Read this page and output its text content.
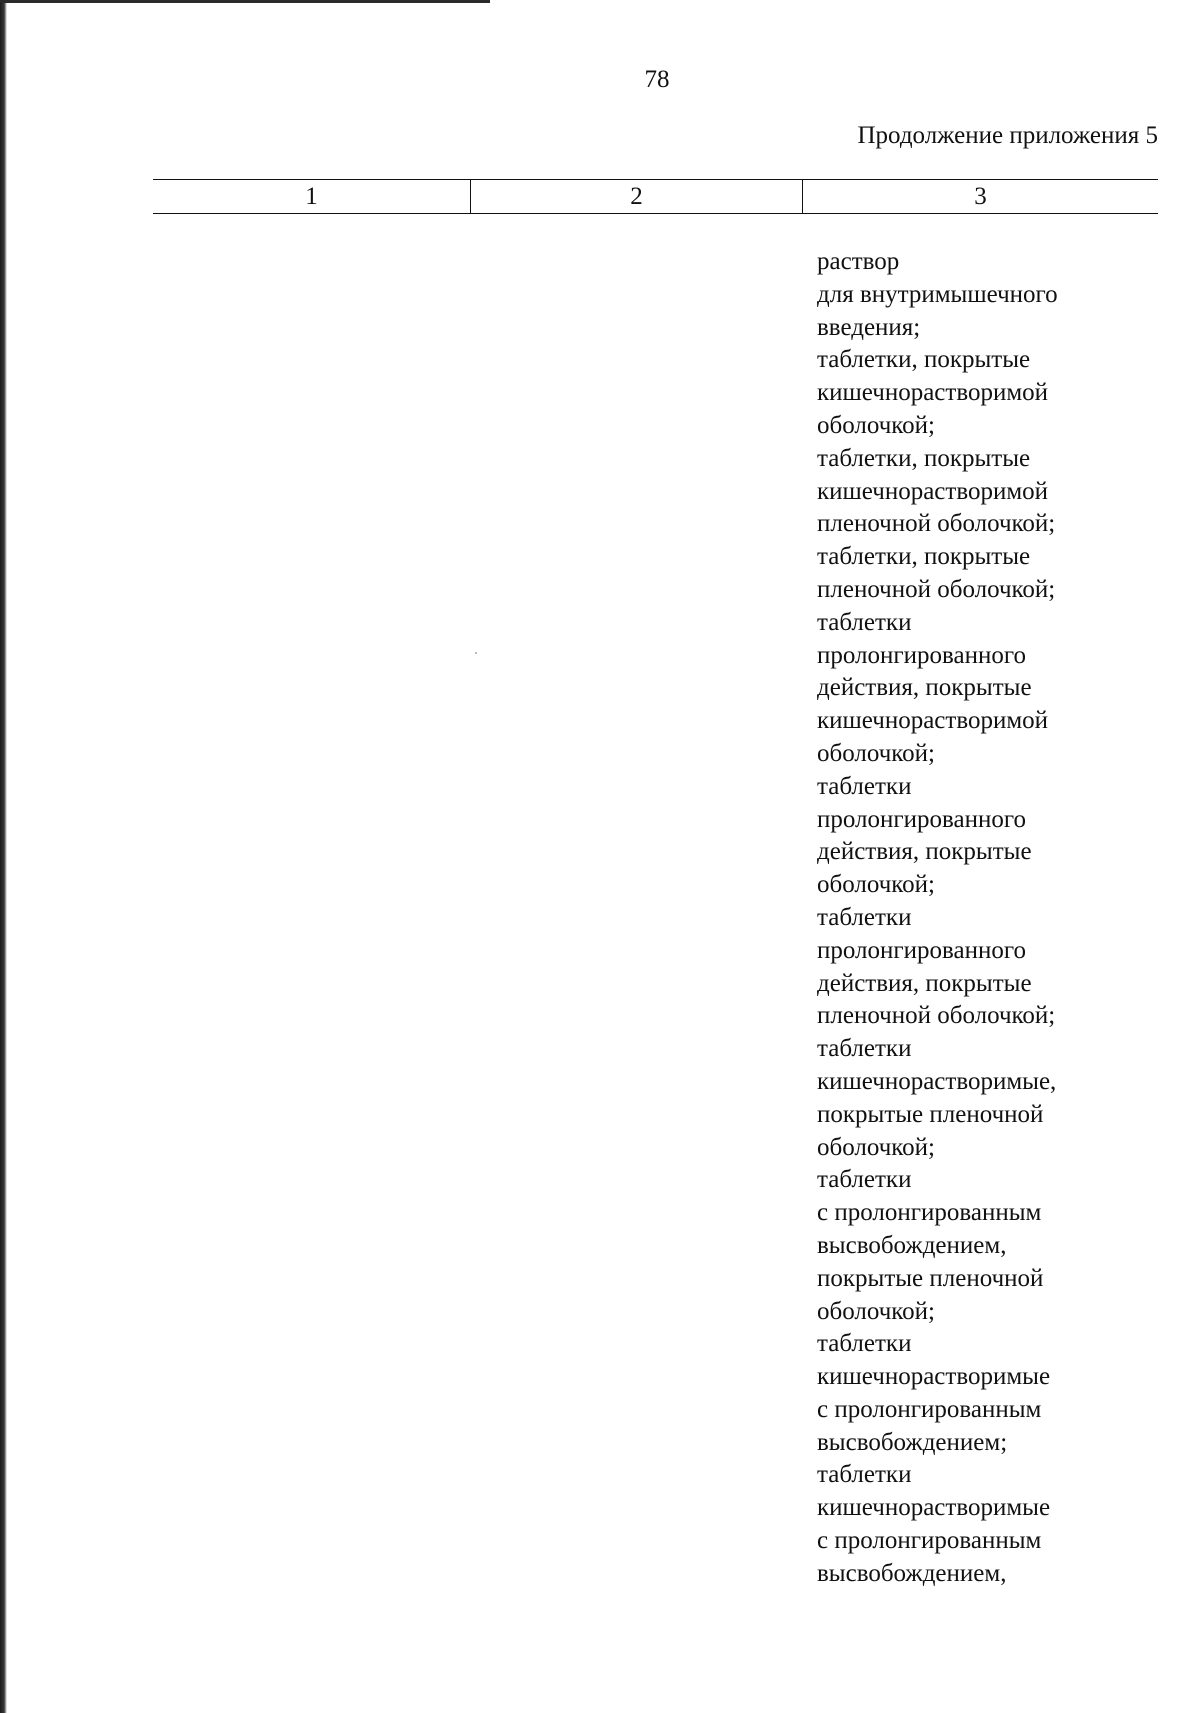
78
Продолжение приложения 5
1	2	3
раствор
для внутримышечного
введения;
таблетки, покрытые
кишечнорастворимой
оболочкой;
таблетки, покрытые
кишечнорастворимой
пленочной оболочкой;
таблетки, покрытые
пленочной оболочкой;
таблетки
пролонгированного
действия, покрытые
кишечнорастворимой
оболочкой;
таблетки
пролонгированного
действия, покрытые
оболочкой;
таблетки
пролонгированного
действия, покрытые
пленочной оболочкой;
таблетки
кишечнорастворимые,
покрытые пленочной
оболочкой;
таблетки
с пролонгированным
высвобождением,
покрытые пленочной
оболочкой;
таблетки
кишечнорастворимые
с пролонгированным
высвобождением;
таблетки
кишечнорастворимые
с пролонгированным
высвобождением,
